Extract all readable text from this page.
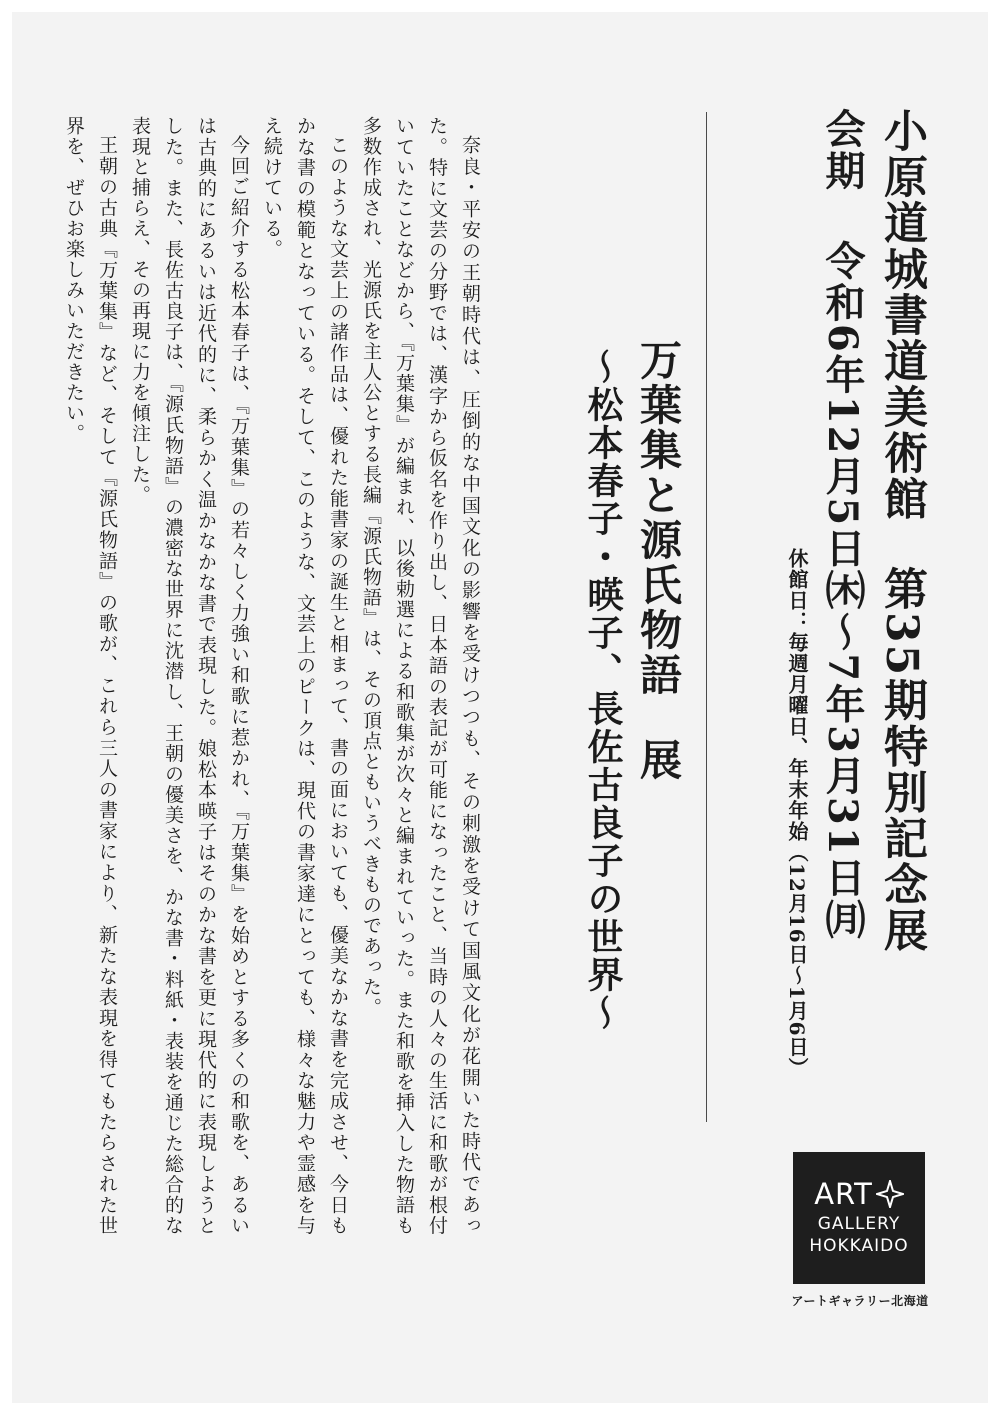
小原道城書道美術館第35期特別記念展
会期令和6年12月5日㈭〜7年3月31日㈪
休館日：毎週月曜日、年末年始（12月16日〜1月6日）
万葉集と源氏物語展
〜松本春子・暎子、長佐古良子の世界〜

奈良・平安の王朝時代は、圧倒的な中国文化の影響を受けつつも、その刺激を受けて国風文化が花開いた時代であった。特に文芸の分野では、漢字から仮名を作り出し、日本語の表記が可能になったこと、当時の人々の生活に和歌が根付いていたことなどから、『万葉集』が編まれ、以後勅選による和歌集が次々と編まれていった。また和歌を挿入した物語も多数作成され、光源氏を主人公とする長編『源氏物語』は、その頂点ともいうべきものであった。

このような文芸上の諸作品は、優れた能書家の誕生と相まって、書の面においても、優美なかな書を完成させ、今日もかな書の模範となっている。そして、このような、文芸上のピークは、現代の書家達にとっても、様々な魅力や霊感を与え続けている。

今回ご紹介する松本春子は、『万葉集』の若々しく力強い和歌に惹かれ、『万葉集』を始めとする多くの和歌を、あるいは古典的にあるいは近代的に、柔らかく温かなかな書で表現した。娘松本暎子はそのかな書を更に現代的に表現しようとした。また、長佐古良子は、『源氏物語』の濃密な世界に沈潜し、王朝の優美さを、かな書・料紙・表装を通じた総合的な表現と捕らえ、その再現に力を傾注した。

王朝の古典『万葉集』など、そして『源氏物語』の歌が、これら三人の書家により、新たな表現を得てもたらされた世界を、ぜひお楽しみいただきたい。

ART
GALLERY
HOKKAIDO
アートギャラリー北海道
